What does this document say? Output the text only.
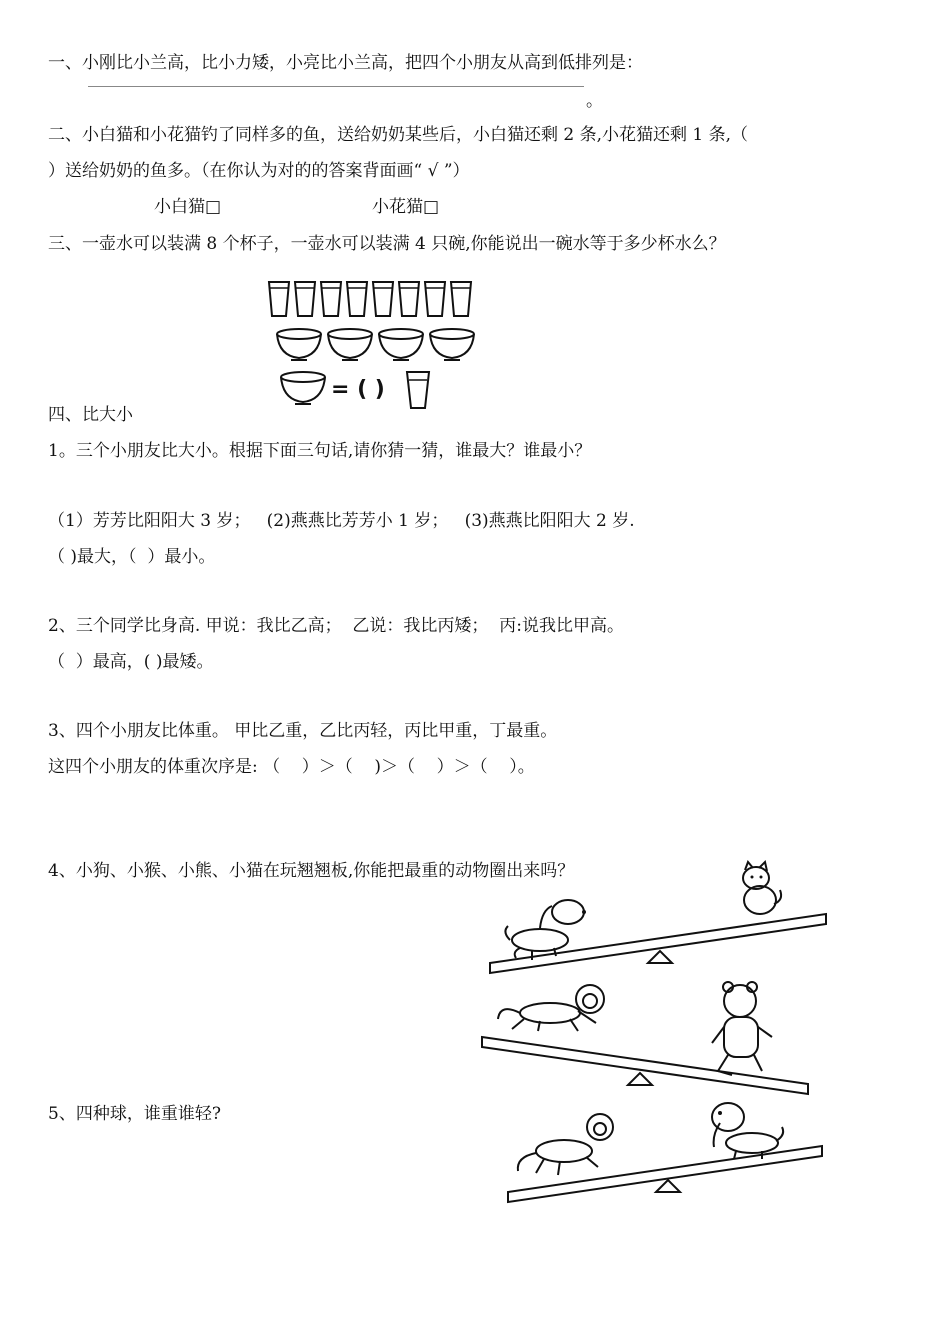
一、小刚比小兰高，比小力矮，小亮比小兰高，把四个小朋友从高到低排列是：
。
二、小白猫和小花猫钓了同样多的鱼，送给奶奶某些后，小白猫还剩 2 条,小花猫还剩 1 条,（
）送给奶奶的鱼多。（在你认为对的的答案背面画“ √ ”）
小白猫□	小花猫□
三、一壶水可以装满 8 个杯子，一壶水可以装满 4 只碗,你能说出一碗水等于多少杯水么？
= ( )
四、比大小
1。三个小朋友比大小。根据下面三句话,请你猜一猜，谁最大？谁最小？
（1）芳芳比阳阳大 3 岁；   (2)燕燕比芳芳小 1 岁；   (3)燕燕比阳阳大 2 岁.
（ )最大，（  ）最小。
2、三个同学比身高. 甲说：我比乙高；  乙说：我比丙矮；  丙:说我比甲高。
（  ）最高，( )最矮。
3、四个小朋友比体重。 甲比乙重，乙比丙轻，丙比甲重，丁最重。
这四个小朋友的体重次序是: （    ）＞（    )＞（    ）＞（    ）。
4、小狗、小猴、小熊、小猫在玩翘翘板,你能把最重的动物圈出来吗？
5、四种球，谁重谁轻?
